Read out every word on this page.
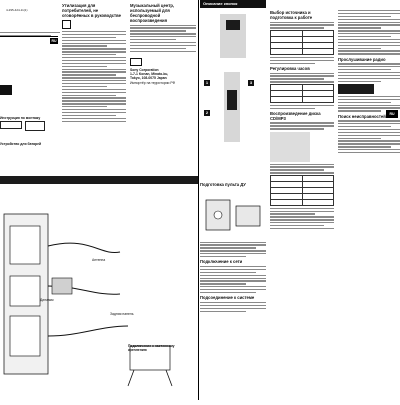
4-295-424-11(1)
RU
Инструкция по монтажу
Устройство для батарей
Утилизация для потребителей, не оговорённых в руководстве
Музыкальный центр, используемый для беспроводной воспроизведения
Sony Corporation
1-7-1 Konan, Minato-ku,
Tokyo, 108-0075 Japan
Импортёр на территории РФ
Антенна
Динамик
Задняя панель
Подключение к настенному креплению
Описание кнопок
1
2
3
Подготовка пульта ДУ
Подключение к сети
Подсоединение к системе
Выбор источника и подготовка к работе

Регулировка часов

Воспроизведение диска CD/MP3

Прослушивание радио
Поиск неисправностей	RU
